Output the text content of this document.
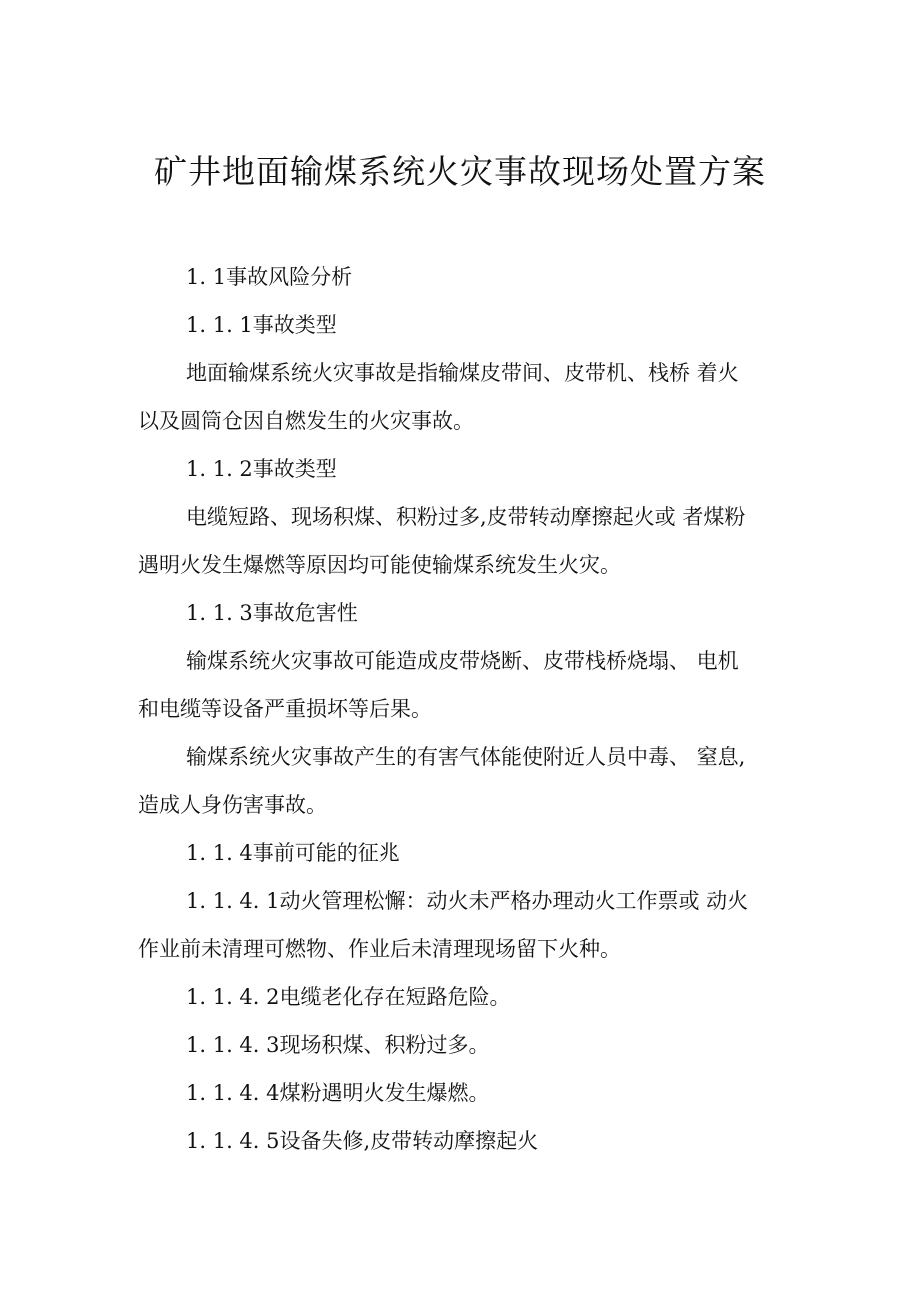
矿井地面输煤系统火灾事故现场处置方案

1. 1事故风险分析

1. 1. 1事故类型

地面输煤系统火灾事故是指输煤皮带间、皮带机、栈桥 着火
以及圆筒仓因自燃发生的火灾事故。

1. 1. 2事故类型

电缆短路、现场积煤、积粉过多,皮带转动摩擦起火或 者煤粉
遇明火发生爆燃等原因均可能使输煤系统发生火灾。

1. 1. 3事故危害性

输煤系统火灾事故可能造成皮带烧断、皮带栈桥烧塌、 电机
和电缆等设备严重损坏等后果。

输煤系统火灾事故产生的有害气体能使附近人员中毒、 窒息,
造成人身伤害事故。

1. 1. 4事前可能的征兆

1. 1. 4. 1动火管理松懈：动火未严格办理动火工作票或 动火
作业前未清理可燃物、作业后未清理现场留下火种。

1. 1. 4. 2电缆老化存在短路危险。

1. 1. 4. 3现场积煤、积粉过多。

1. 1. 4. 4煤粉遇明火发生爆燃。

1. 1. 4. 5设备失修,皮带转动摩擦起火
